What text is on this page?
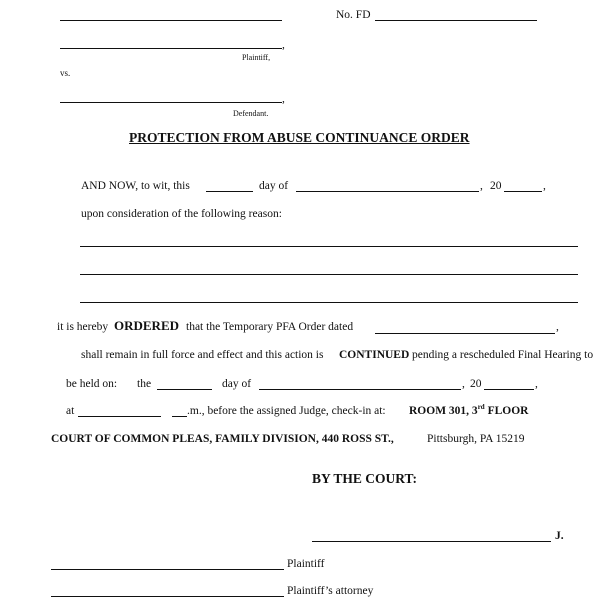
No. FD
,
Plaintiff,
vs.
,
Defendant.
PROTECTION FROM ABUSE CONTINUANCE ORDER
AND NOW, to wit, this	day of	, 20	,
upon consideration of the following reason:
it is hereby ORDERED that the Temporary PFA Order dated	,
shall remain in full force and effect and this action is CONTINUED pending a rescheduled Final Hearing to
be held on: the	day of	, 20	,
at	.m., before the assigned Judge, check-in at: ROOM 301, 3rd FLOOR
COURT OF COMMON PLEAS, FAMILY DIVISION, 440 ROSS ST.,	Pittsburgh, PA 15219
BY THE COURT:
J.
Plaintiff
Plaintiff’s attorney
